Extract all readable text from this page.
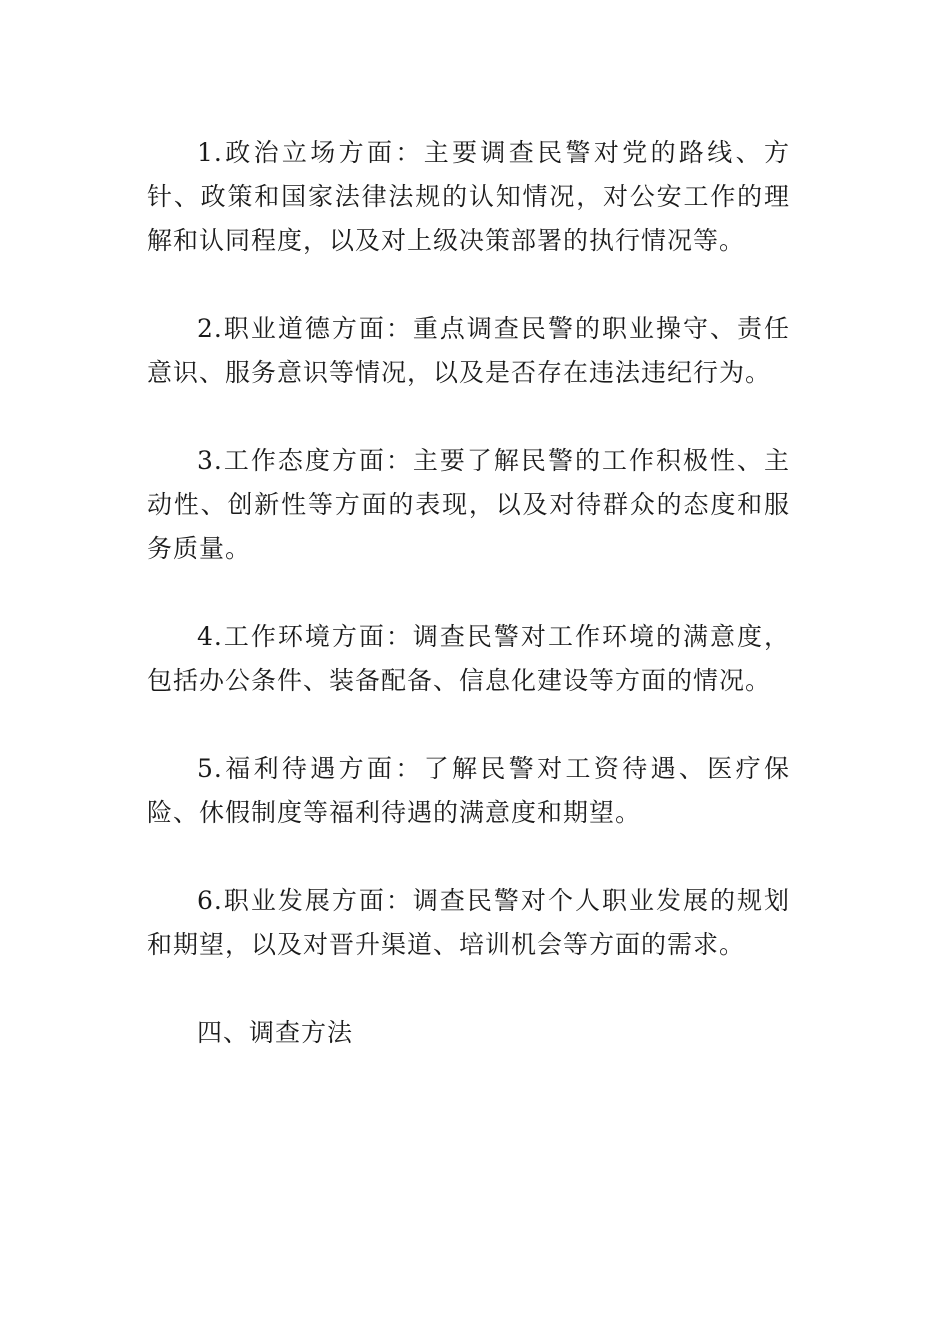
1.政治立场方面：主要调查民警对党的路线、方针、政策和国家法律法规的认知情况，对公安工作的理解和认同程度，以及对上级决策部署的执行情况等。

2.职业道德方面：重点调查民警的职业操守、责任意识、服务意识等情况，以及是否存在违法违纪行为。

3.工作态度方面：主要了解民警的工作积极性、主动性、创新性等方面的表现，以及对待群众的态度和服务质量。

4.工作环境方面：调查民警对工作环境的满意度，包括办公条件、装备配备、信息化建设等方面的情况。

5.福利待遇方面：了解民警对工资待遇、医疗保险、休假制度等福利待遇的满意度和期望。

6.职业发展方面：调查民警对个人职业发展的规划和期望，以及对晋升渠道、培训机会等方面的需求。

四、调查方法
